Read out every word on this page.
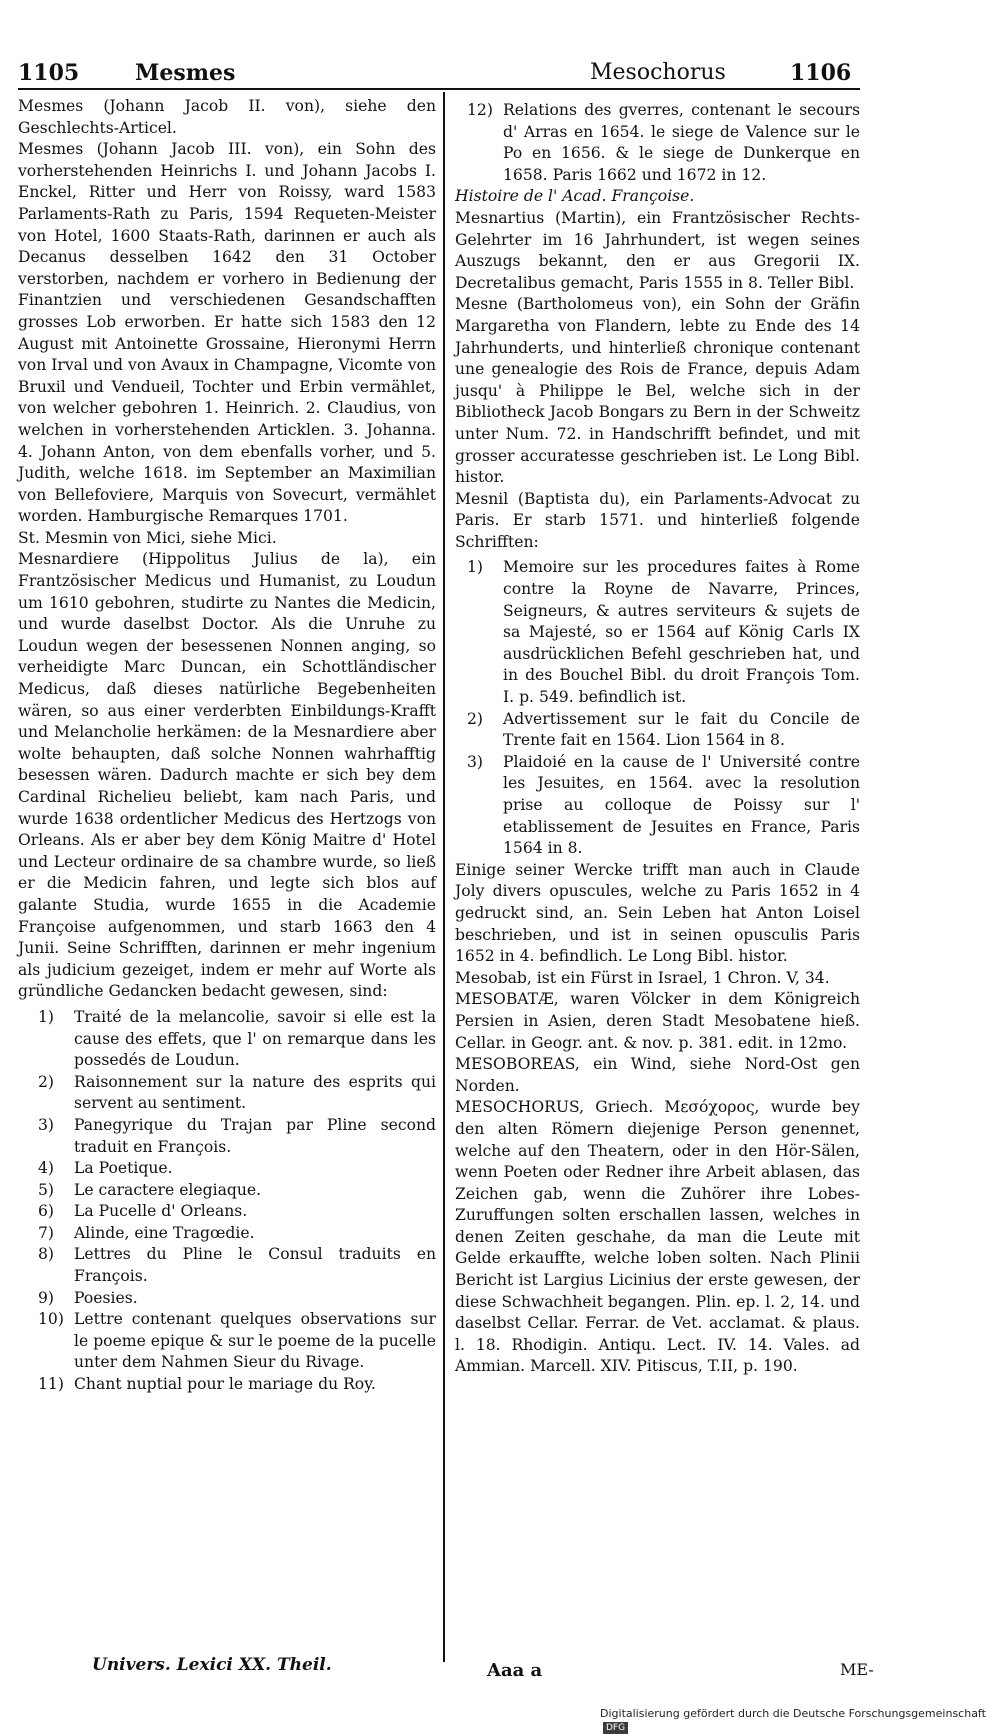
1105	Mesmes	Mesochorus	1106

Mesmes (Johann Jacob II. von), siehe den Geschlechts-Articel.

Mesmes (Johann Jacob III. von), ein Sohn des vorherstehenden Heinrichs I. und Johann Jacobs I. Enckel, Ritter und Herr von Roissy, ward 1583 Parlaments-Rath zu Paris, 1594 Requeten-Meister von Hotel, 1600 Staats-Rath, darinnen er auch als Decanus desselben 1642 den 31 October verstorben, nachdem er vorhero in Bedienung der Finantzien und verschiedenen Gesandschafften grosses Lob erworben. Er hatte sich 1583 den 12 August mit Antoinette Grossaine, Hieronymi Herrn von Irval und von Avaux in Champagne, Vicomte von Bruxil und Vendueil, Tochter und Erbin vermählet, von welcher gebohren 1. Heinrich. 2. Claudius, von welchen in vorherstehenden Articklen. 3. Johanna. 4. Johann Anton, von dem ebenfalls vorher, und 5. Judith, welche 1618. im September an Maximilian von Bellefoviere, Marquis von Sovecurt, vermählet worden. Hamburgische Remarques 1701.

St. Mesmin von Mici, siehe Mici.

Mesnardiere (Hippolitus Julius de la), ein Frantzösischer Medicus und Humanist, zu Loudun um 1610 gebohren, studirte zu Nantes die Medicin, und wurde daselbst Doctor. Als die Unruhe zu Loudun wegen der besessenen Nonnen anging, so verheidigte Marc Duncan, ein Schottländischer Medicus, daß dieses natürliche Begebenheiten wären, so aus einer verderbten Einbildungs-Krafft und Melancholie herkämen: de la Mesnardiere aber wolte behaupten, daß solche Nonnen wahrhafftig besessen wären. Dadurch machte er sich bey dem Cardinal Richelieu beliebt, kam nach Paris, und wurde 1638 ordentlicher Medicus des Hertzogs von Orleans. Als er aber bey dem König Maitre d' Hotel und Lecteur ordinaire de sa chambre wurde, so ließ er die Medicin fahren, und legte sich blos auf galante Studia, wurde 1655 in die Academie Françoise aufgenommen, und starb 1663 den 4 Junii. Seine Schrifften, darinnen er mehr ingenium als judicium gezeiget, indem er mehr auf Worte als gründliche Gedancken bedacht gewesen, sind:

1) Traité de la melancolie, savoir si elle est la cause des effets, que l' on remarque dans les possedés de Loudun.
2) Raisonnement sur la nature des esprits qui servent au sentiment.
3) Panegyrique du Trajan par Pline second traduit en François.
4) La Poetique.
5) Le caractere elegiaque.
6) La Pucelle d' Orleans.
7) Alinde, eine Tragœdie.
8) Lettres du Pline le Consul traduits en François.
9) Poesies.
10) Lettre contenant quelques observations sur le poeme epique & sur le poeme de la pucelle unter dem Nahmen Sieur du Rivage.
11) Chant nuptial pour le mariage du Roy.
12) Relations des gverres, contenant le secours d' Arras en 1654. le siege de Valence sur le Po en 1656. & le siege de Dunkerque en 1658. Paris 1662 und 1672 in 12.

Histoire de l' Acad. Françoise.

Mesnartius (Martin), ein Frantzösischer Rechts-Gelehrter im 16 Jahrhundert, ist wegen seines Auszugs bekannt, den er aus Gregorii IX. Decretalibus gemacht, Paris 1555 in 8. Teller Bibl.

Mesne (Bartholomeus von), ein Sohn der Gräfin Margaretha von Flandern, lebte zu Ende des 14 Jahrhunderts, und hinterließ chronique contenant une genealogie des Rois de France, depuis Adam jusqu' à Philippe le Bel, welche sich in der Bibliotheck Jacob Bongars zu Bern in der Schweitz unter Num. 72. in Handschrifft befindet, und mit grosser accuratesse geschrieben ist. Le Long Bibl. histor.

Mesnil (Baptista du), ein Parlaments-Advocat zu Paris. Er starb 1571. und hinterließ folgende Schrifften:

1) Memoire sur les procedures faites à Rome contre la Royne de Navarre, Princes, Seigneurs, & autres serviteurs & sujets de sa Majesté, so er 1564 auf König Carls IX ausdrücklichen Befehl geschrieben hat, und in des Bouchel Bibl. du droit François Tom. I. p. 549. befindlich ist.
2) Advertissement sur le fait du Concile de Trente fait en 1564. Lion 1564 in 8.
3) Plaidoié en la cause de l' Université contre les Jesuites, en 1564. avec la resolution prise au colloque de Poissy sur l' etablissement de Jesuites en France, Paris 1564 in 8.

Einige seiner Wercke trifft man auch in Claude Joly divers opuscules, welche zu Paris 1652 in 4 gedruckt sind, an. Sein Leben hat Anton Loisel beschrieben, und ist in seinen opusculis Paris 1652 in 4. befindlich. Le Long Bibl. histor.

Mesobab, ist ein Fürst in Israel, 1 Chron. V, 34.

MESOBATÆ, waren Völcker in dem Königreich Persien in Asien, deren Stadt Mesobatene hieß. Cellar. in Geogr. ant. & nov. p. 381. edit. in 12mo.

MESOBOREAS, ein Wind, siehe Nord-Ost gen Norden.

MESOCHORUS, Griech. Μεσόχορος, wurde bey den alten Römern diejenige Person genennet, welche auf den Theatern, oder in den Hör-Sälen, wenn Poeten oder Redner ihre Arbeit ablasen, das Zeichen gab, wenn die Zuhörer ihre Lobes-Zuruffungen solten erschallen lassen, welches in denen Zeiten geschahe, da man die Leute mit Gelde erkauffte, welche loben solten. Nach Plinii Bericht ist Largius Licinius der erste gewesen, der diese Schwachheit begangen. Plin. ep. l. 2, 14. und daselbst Cellar. Ferrar. de Vet. acclamat. & plaus. l. 18. Rhodigin. Antiqu. Lect. IV. 14. Vales. ad Ammian. Marcell. XIV. Pitiscus, T.II, p. 190.

Univers. Lexici XX. Theil.	Aaa a	ME-
Digitalisierung gefördert durch die Deutsche ForschungsgemeinschaftDFG
